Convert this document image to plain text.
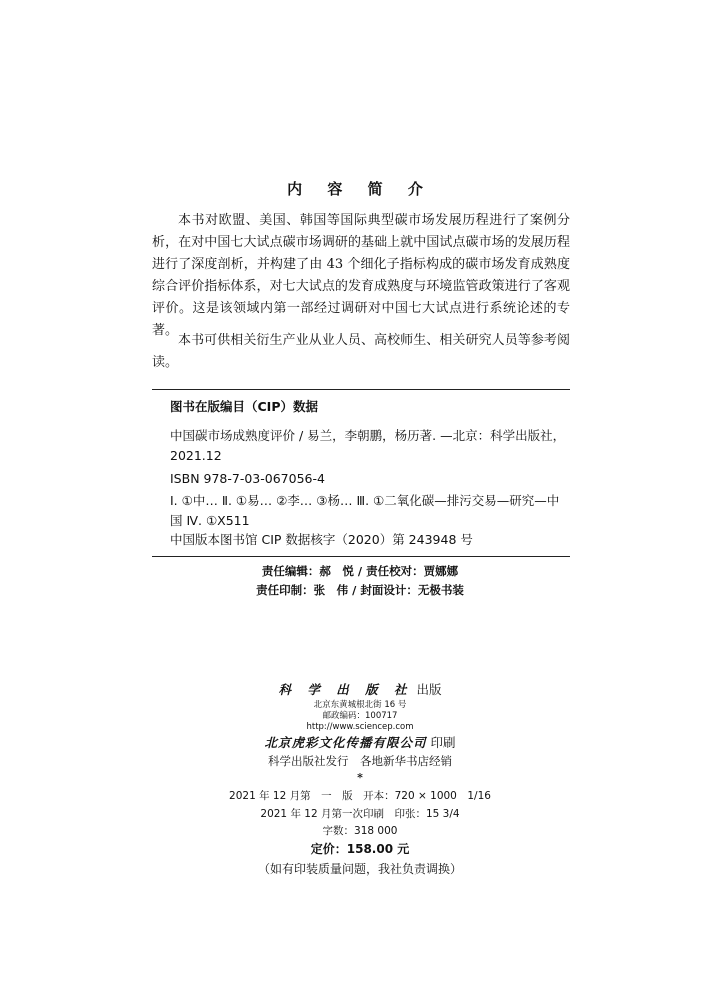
内 容 简 介
本书对欧盟、美国、韩国等国际典型碳市场发展历程进行了案例分析，在对中国七大试点碳市场调研的基础上就中国试点碳市场的发展历程进行了深度剖析，并构建了由 43 个细化子指标构成的碳市场发育成熟度综合评价指标体系，对七大试点的发育成熟度与环境监管政策进行了客观评价。这是该领域内第一部经过调研对中国七大试点进行系统论述的专著。
本书可供相关衍生产业从业人员、高校师生、相关研究人员等参考阅读。
图书在版编目（CIP）数据
中国碳市场成熟度评价 / 易兰，李朝鹏，杨历著. —北京：科学出版社，2021.12
ISBN 978-7-03-067056-4
Ⅰ. ①中… Ⅱ. ①易… ②李… ③杨… Ⅲ. ①二氧化碳—排污交易—研究—中国 Ⅳ. ①X511
中国版本图书馆 CIP 数据核字（2020）第 243948 号
责任编辑：郝　悦 / 责任校对：贾娜娜
责任印制：张　伟 / 封面设计：无极书装
科 学 出 版 社 出版
北京东黄城根北街 16 号
邮政编码：100717
http://www.sciencep.com
北京虎彩文化传播有限公司 印刷
科学出版社发行　各地新华书店经销
*
2021 年 12 月第　一　版　开本：720 × 1000　1/16
2021 年 12 月第一次印刷　印张：15 3/4
字数：318 000
定价：158.00 元
（如有印装质量问题，我社负责调换）
